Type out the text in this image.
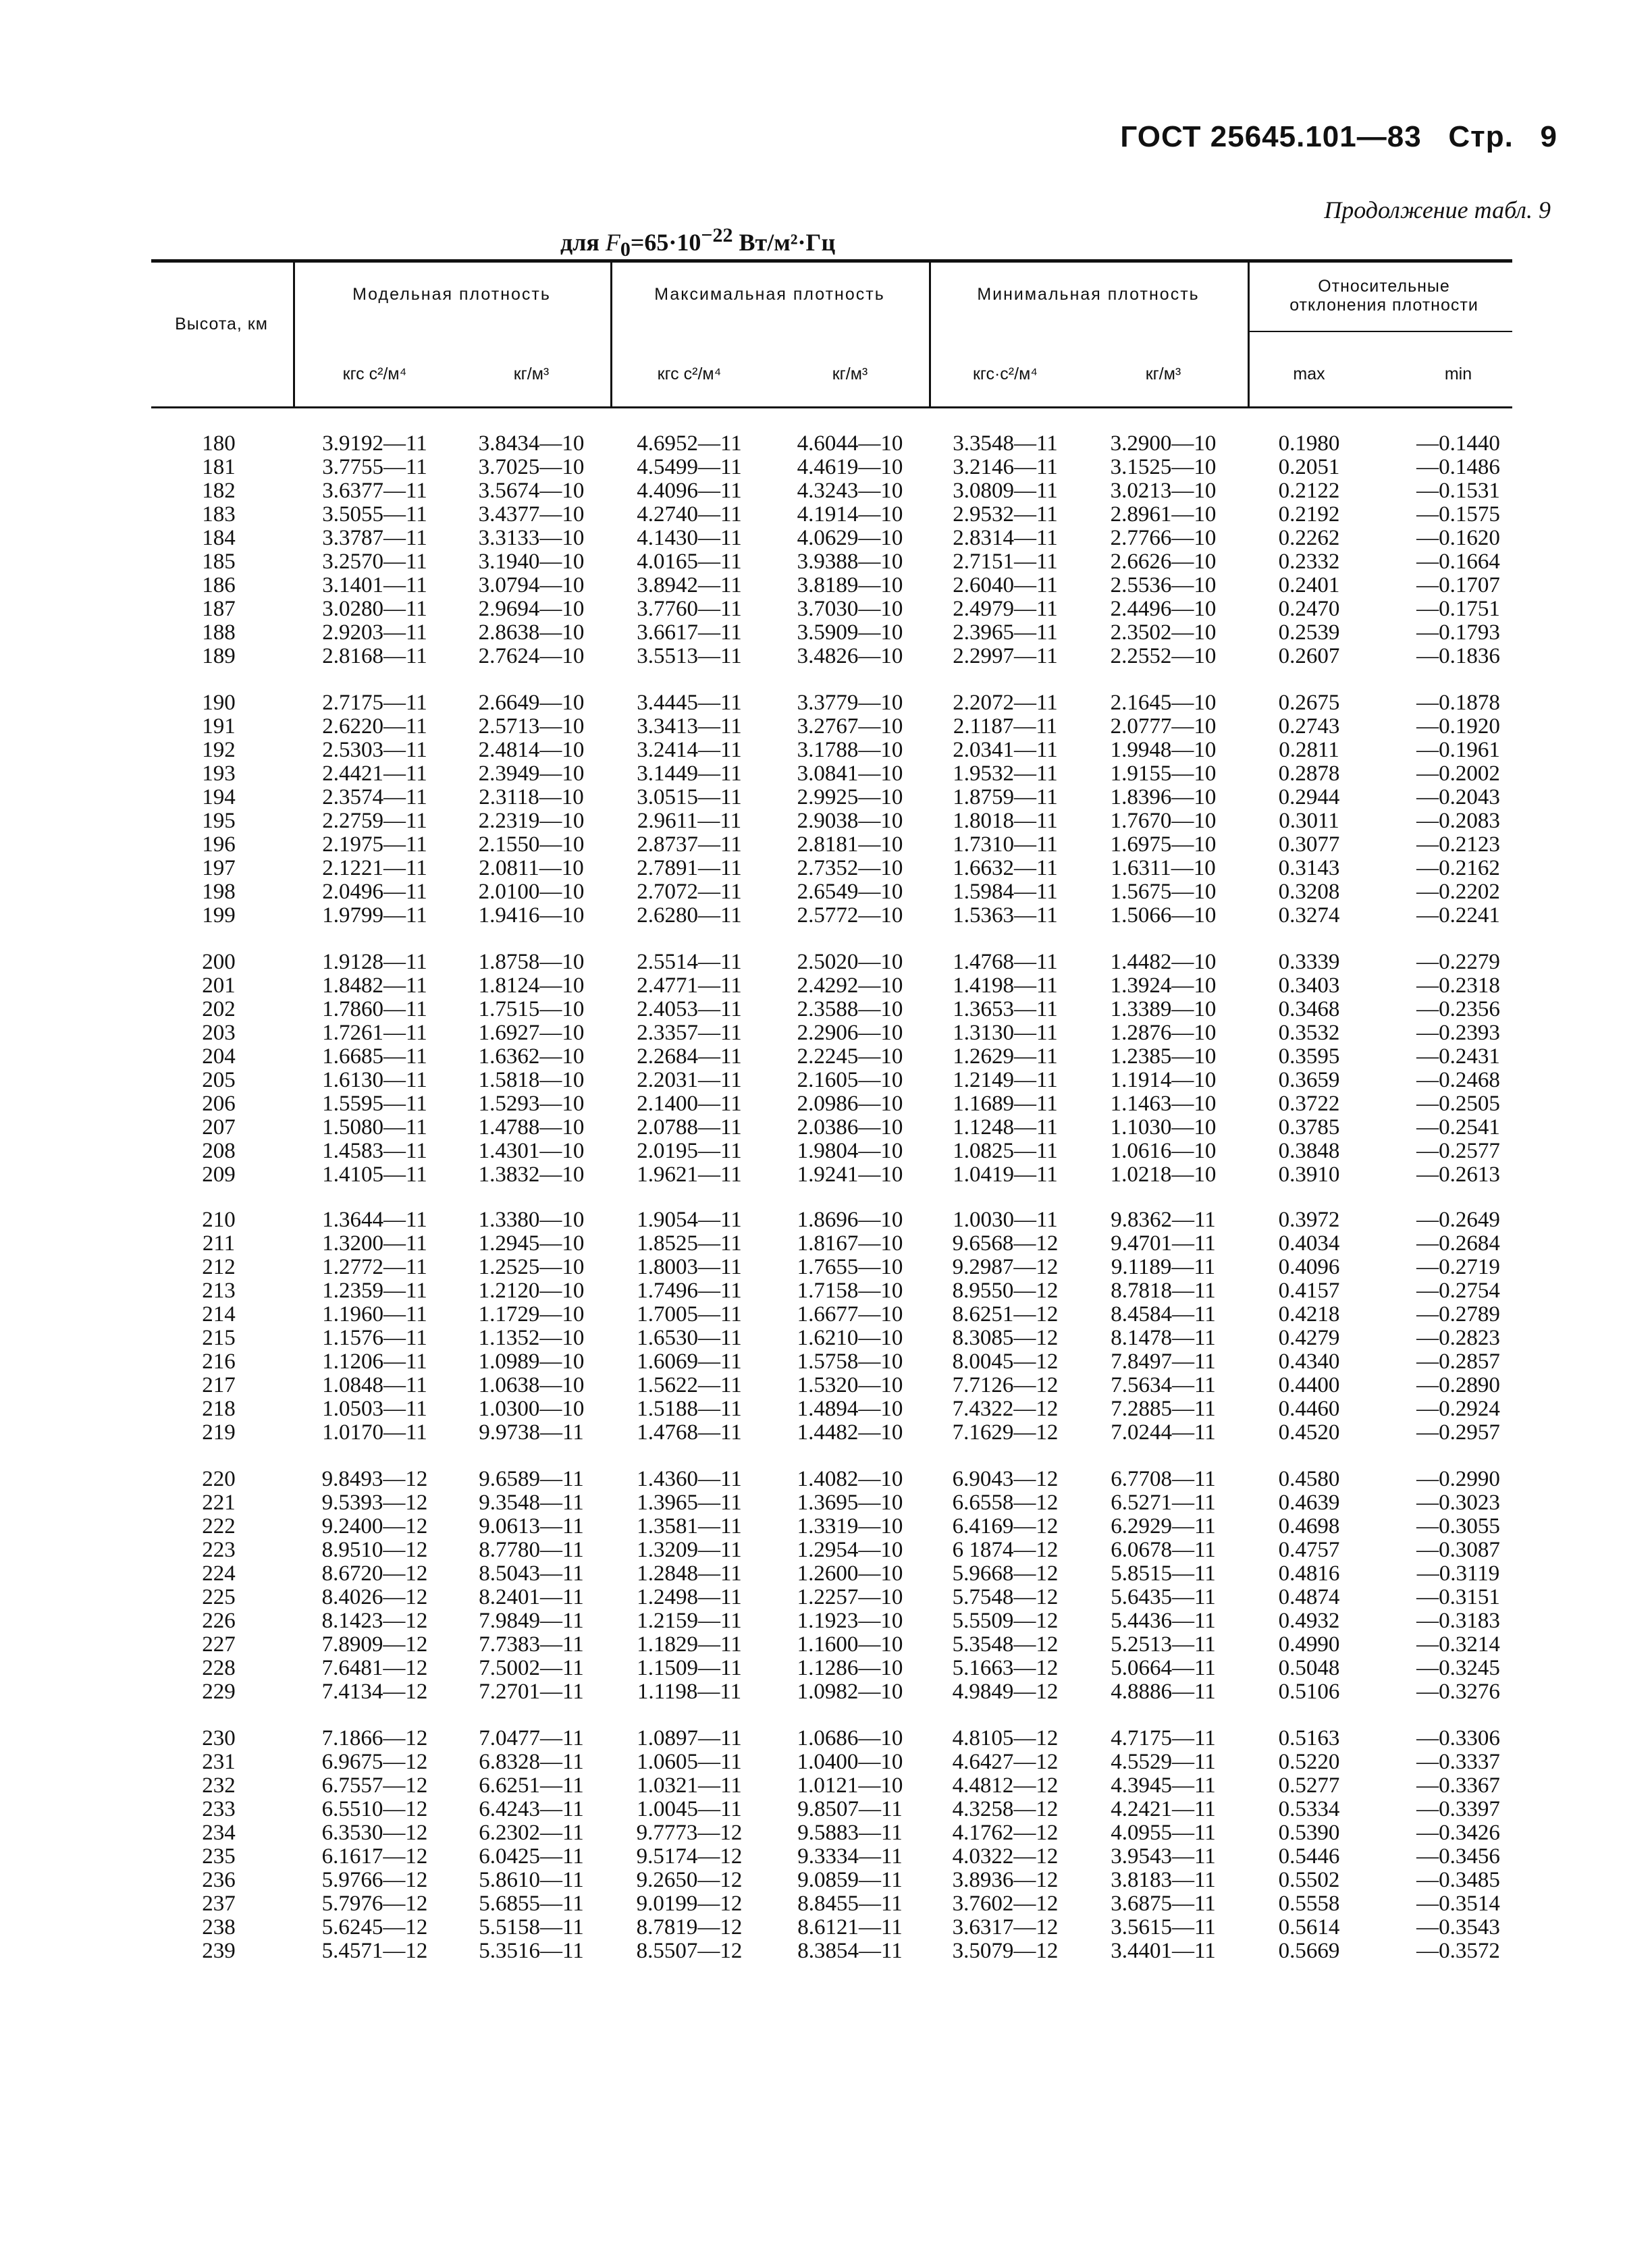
ГОСТ 25645.101—83 Стр. 9
Продолжение табл. 9
для $F_0=65\cdot 10^{-22}$ Вт/м²·Гц
Высота, км
Модельная плотность	Максимальная плотность	Минимальная плотность	Относительные отклонения плотности
кгс с²/м⁴	кг/м³	кгс с²/м⁴	кг/м³	кгс·с²/м⁴	кг/м³	max	min
180	3.9192—11	3.8434—10	4.6952—11	4.6044—10	3.3548—11	3.2900—10	0.1980	—0.1440
181	3.7755—11	3.7025—10	4.5499—11	4.4619—10	3.2146—11	3.1525—10	0.2051	—0.1486
182	3.6377—11	3.5674—10	4.4096—11	4.3243—10	3.0809—11	3.0213—10	0.2122	—0.1531
183	3.5055—11	3.4377—10	4.2740—11	4.1914—10	2.9532—11	2.8961—10	0.2192	—0.1575
184	3.3787—11	3.3133—10	4.1430—11	4.0629—10	2.8314—11	2.7766—10	0.2262	—0.1620
185	3.2570—11	3.1940—10	4.0165—11	3.9388—10	2.7151—11	2.6626—10	0.2332	—0.1664
186	3.1401—11	3.0794—10	3.8942—11	3.8189—10	2.6040—11	2.5536—10	0.2401	—0.1707
187	3.0280—11	2.9694—10	3.7760—11	3.7030—10	2.4979—11	2.4496—10	0.2470	—0.1751
188	2.9203—11	2.8638—10	3.6617—11	3.5909—10	2.3965—11	2.3502—10	0.2539	—0.1793
189	2.8168—11	2.7624—10	3.5513—11	3.4826—10	2.2997—11	2.2552—10	0.2607	—0.1836
190	2.7175—11	2.6649—10	3.4445—11	3.3779—10	2.2072—11	2.1645—10	0.2675	—0.1878
191	2.6220—11	2.5713—10	3.3413—11	3.2767—10	2.1187—11	2.0777—10	0.2743	—0.1920
192	2.5303—11	2.4814—10	3.2414—11	3.1788—10	2.0341—11	1.9948—10	0.2811	—0.1961
193	2.4421—11	2.3949—10	3.1449—11	3.0841—10	1.9532—11	1.9155—10	0.2878	—0.2002
194	2.3574—11	2.3118—10	3.0515—11	2.9925—10	1.8759—11	1.8396—10	0.2944	—0.2043
195	2.2759—11	2.2319—10	2.9611—11	2.9038—10	1.8018—11	1.7670—10	0.3011	—0.2083
196	2.1975—11	2.1550—10	2.8737—11	2.8181—10	1.7310—11	1.6975—10	0.3077	—0.2123
197	2.1221—11	2.0811—10	2.7891—11	2.7352—10	1.6632—11	1.6311—10	0.3143	—0.2162
198	2.0496—11	2.0100—10	2.7072—11	2.6549—10	1.5984—11	1.5675—10	0.3208	—0.2202
199	1.9799—11	1.9416—10	2.6280—11	2.5772—10	1.5363—11	1.5066—10	0.3274	—0.2241
200	1.9128—11	1.8758—10	2.5514—11	2.5020—10	1.4768—11	1.4482—10	0.3339	—0.2279
201	1.8482—11	1.8124—10	2.4771—11	2.4292—10	1.4198—11	1.3924—10	0.3403	—0.2318
202	1.7860—11	1.7515—10	2.4053—11	2.3588—10	1.3653—11	1.3389—10	0.3468	—0.2356
203	1.7261—11	1.6927—10	2.3357—11	2.2906—10	1.3130—11	1.2876—10	0.3532	—0.2393
204	1.6685—11	1.6362—10	2.2684—11	2.2245—10	1.2629—11	1.2385—10	0.3595	—0.2431
205	1.6130—11	1.5818—10	2.2031—11	2.1605—10	1.2149—11	1.1914—10	0.3659	—0.2468
206	1.5595—11	1.5293—10	2.1400—11	2.0986—10	1.1689—11	1.1463—10	0.3722	—0.2505
207	1.5080—11	1.4788—10	2.0788—11	2.0386—10	1.1248—11	1.1030—10	0.3785	—0.2541
208	1.4583—11	1.4301—10	2.0195—11	1.9804—10	1.0825—11	1.0616—10	0.3848	—0.2577
209	1.4105—11	1.3832—10	1.9621—11	1.9241—10	1.0419—11	1.0218—10	0.3910	—0.2613
210	1.3644—11	1.3380—10	1.9054—11	1.8696—10	1.0030—11	9.8362—11	0.3972	—0.2649
211	1.3200—11	1.2945—10	1.8525—11	1.8167—10	9.6568—12	9.4701—11	0.4034	—0.2684
212	1.2772—11	1.2525—10	1.8003—11	1.7655—10	9.2987—12	9.1189—11	0.4096	—0.2719
213	1.2359—11	1.2120—10	1.7496—11	1.7158—10	8.9550—12	8.7818—11	0.4157	—0.2754
214	1.1960—11	1.1729—10	1.7005—11	1.6677—10	8.6251—12	8.4584—11	0.4218	—0.2789
215	1.1576—11	1.1352—10	1.6530—11	1.6210—10	8.3085—12	8.1478—11	0.4279	—0.2823
216	1.1206—11	1.0989—10	1.6069—11	1.5758—10	8.0045—12	7.8497—11	0.4340	—0.2857
217	1.0848—11	1.0638—10	1.5622—11	1.5320—10	7.7126—12	7.5634—11	0.4400	—0.2890
218	1.0503—11	1.0300—10	1.5188—11	1.4894—10	7.4322—12	7.2885—11	0.4460	—0.2924
219	1.0170—11	9.9738—11	1.4768—11	1.4482—10	7.1629—12	7.0244—11	0.4520	—0.2957
220	9.8493—12	9.6589—11	1.4360—11	1.4082—10	6.9043—12	6.7708—11	0.4580	—0.2990
221	9.5393—12	9.3548—11	1.3965—11	1.3695—10	6.6558—12	6.5271—11	0.4639	—0.3023
222	9.2400—12	9.0613—11	1.3581—11	1.3319—10	6.4169—12	6.2929—11	0.4698	—0.3055
223	8.9510—12	8.7780—11	1.3209—11	1.2954—10	6 1874—12	6.0678—11	0.4757	—0.3087
224	8.6720—12	8.5043—11	1.2848—11	1.2600—10	5.9668—12	5.8515—11	0.4816	—0.3119
225	8.4026—12	8.2401—11	1.2498—11	1.2257—10	5.7548—12	5.6435—11	0.4874	—0.3151
226	8.1423—12	7.9849—11	1.2159—11	1.1923—10	5.5509—12	5.4436—11	0.4932	—0.3183
227	7.8909—12	7.7383—11	1.1829—11	1.1600—10	5.3548—12	5.2513—11	0.4990	—0.3214
228	7.6481—12	7.5002—11	1.1509—11	1.1286—10	5.1663—12	5.0664—11	0.5048	—0.3245
229	7.4134—12	7.2701—11	1.1198—11	1.0982—10	4.9849—12	4.8886—11	0.5106	—0.3276
230	7.1866—12	7.0477—11	1.0897—11	1.0686—10	4.8105—12	4.7175—11	0.5163	—0.3306
231	6.9675—12	6.8328—11	1.0605—11	1.0400—10	4.6427—12	4.5529—11	0.5220	—0.3337
232	6.7557—12	6.6251—11	1.0321—11	1.0121—10	4.4812—12	4.3945—11	0.5277	—0.3367
233	6.5510—12	6.4243—11	1.0045—11	9.8507—11	4.3258—12	4.2421—11	0.5334	—0.3397
234	6.3530—12	6.2302—11	9.7773—12	9.5883—11	4.1762—12	4.0955—11	0.5390	—0.3426
235	6.1617—12	6.0425—11	9.5174—12	9.3334—11	4.0322—12	3.9543—11	0.5446	—0.3456
236	5.9766—12	5.8610—11	9.2650—12	9.0859—11	3.8936—12	3.8183—11	0.5502	—0.3485
237	5.7976—12	5.6855—11	9.0199—12	8.8455—11	3.7602—12	3.6875—11	0.5558	—0.3514
238	5.6245—12	5.5158—11	8.7819—12	8.6121—11	3.6317—12	3.5615—11	0.5614	—0.3543
239	5.4571—12	5.3516—11	8.5507—12	8.3854—11	3.5079—12	3.4401—11	0.5669	—0.3572
